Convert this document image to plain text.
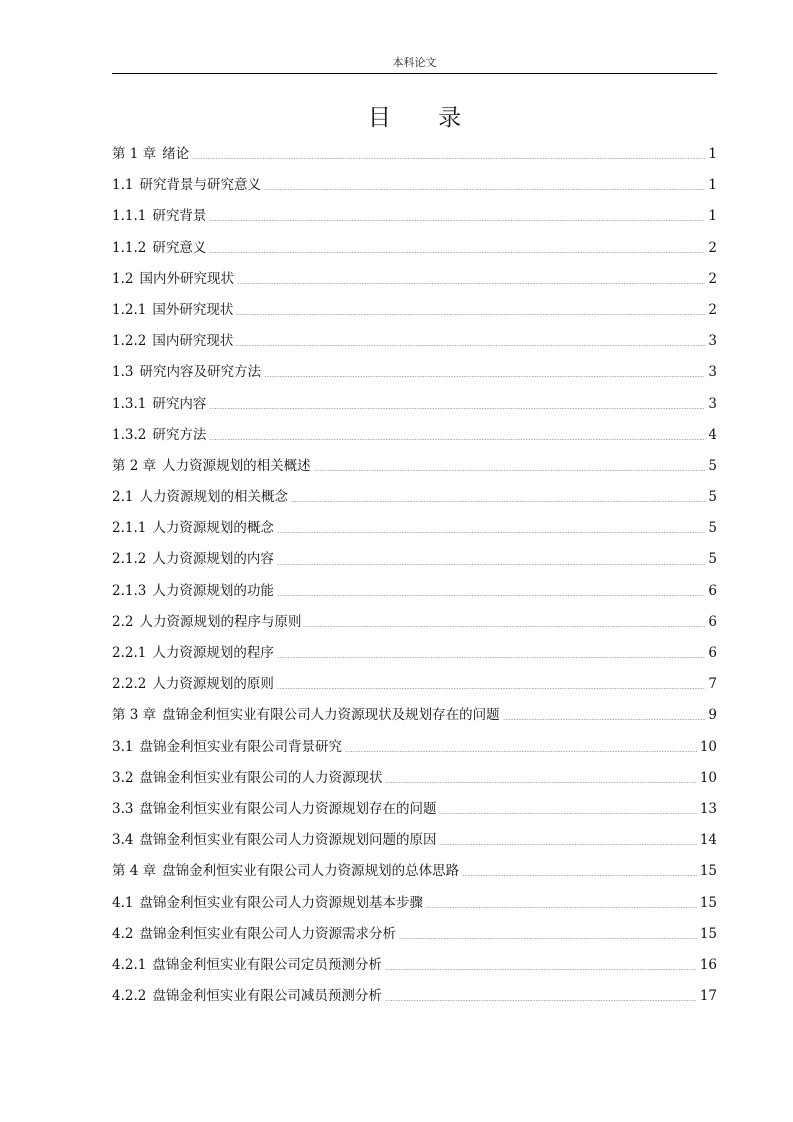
本科论文
目 录
第 1 章 绪论	1
1.1 研究背景与研究意义	1
1.1.1 研究背景	1
1.1.2 研究意义	2
1.2 国内外研究现状	2
1.2.1 国外研究现状	2
1.2.2 国内研究现状	3
1.3 研究内容及研究方法	3
1.3.1 研究内容	3
1.3.2 研究方法	4
第 2 章 人力资源规划的相关概述	5
2.1 人力资源规划的相关概念	5
2.1.1 人力资源规划的概念	5
2.1.2 人力资源规划的内容	5
2.1.3 人力资源规划的功能	6
2.2 人力资源规划的程序与原则	6
2.2.1 人力资源规划的程序	6
2.2.2 人力资源规划的原则	7
第 3 章 盘锦金利恒实业有限公司人力资源现状及规划存在的问题	9
3.1 盘锦金利恒实业有限公司背景研究	10
3.2 盘锦金利恒实业有限公司的人力资源现状	10
3.3 盘锦金利恒实业有限公司人力资源规划存在的问题	13
3.4 盘锦金利恒实业有限公司人力资源规划问题的原因	14
第 4 章 盘锦金利恒实业有限公司人力资源规划的总体思路	15
4.1 盘锦金利恒实业有限公司人力资源规划基本步骤	15
4.2 盘锦金利恒实业有限公司人力资源需求分析	15
4.2.1 盘锦金利恒实业有限公司定员预测分析	16
4.2.2 盘锦金利恒实业有限公司减员预测分析	17
